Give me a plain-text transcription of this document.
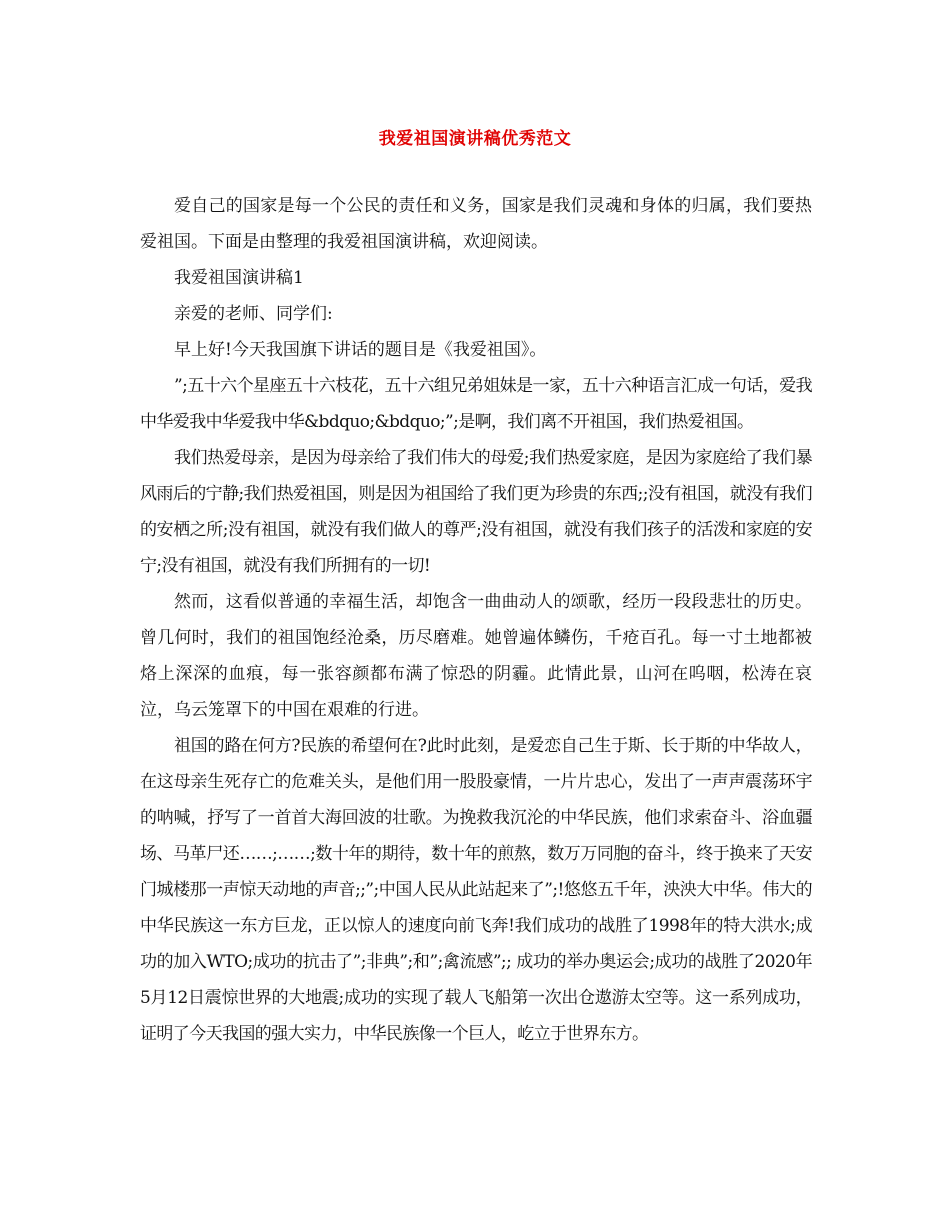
我爱祖国演讲稿优秀范文

爱自己的国家是每一个公民的责任和义务，国家是我们灵魂和身体的归属，我们要热爱祖国。下面是由整理的我爱祖国演讲稿，欢迎阅读。

我爱祖国演讲稿1

亲爱的老师、同学们:

早上好!今天我国旗下讲话的题目是《我爱祖国》。

”;五十六个星座五十六枝花，五十六组兄弟姐妹是一家，五十六种语言汇成一句话，爱我中华爱我中华爱我中华&bdquo;&bdquo;”;是啊，我们离不开祖国，我们热爱祖国。

我们热爱母亲，是因为母亲给了我们伟大的母爱;我们热爱家庭，是因为家庭给了我们暴风雨后的宁静;我们热爱祖国，则是因为祖国给了我们更为珍贵的东西;;没有祖国，就没有我们的安栖之所;没有祖国，就没有我们做人的尊严;没有祖国，就没有我们孩子的活泼和家庭的安宁;没有祖国，就没有我们所拥有的一切!

然而，这看似普通的幸福生活，却饱含一曲曲动人的颂歌，经历一段段悲壮的历史。 曾几何时，我们的祖国饱经沧桑，历尽磨难。她曾遍体鳞伤，千疮百孔。每一寸土地都被烙上深深的血痕，每一张容颜都布满了惊恐的阴霾。此情此景，山河在呜咽，松涛在哀泣，乌云笼罩下的中国在艰难的行进。

祖国的路在何方?民族的希望何在?此时此刻，是爱恋自己生于斯、长于斯的中华故人，在这母亲生死存亡的危难关头，是他们用一股股豪情，一片片忠心，发出了一声声震荡环宇的呐喊，抒写了一首首大海回波的壮歌。为挽救我沉沦的中华民族，他们求索奋斗、浴血疆场、马革尸还……;……;数十年的期待，数十年的煎熬，数万万同胞的奋斗，终于换来了天安门城楼那一声惊天动地的声音;;”;中国人民从此站起来了”;!悠悠五千年，泱泱大中华。伟大的中华民族这一东方巨龙，正以惊人的速度向前飞奔!我们成功的战胜了1998年的特大洪水;成功的加入WTO;成功的抗击了”;非典”;和”;禽流感”;; 成功的举办奥运会;成功的战胜了2020年5月12日震惊世界的大地震;成功的实现了载人飞船第一次出仓遨游太空等。这一系列成功，证明了今天我国的强大实力，中华民族像一个巨人，屹立于世界东方。
